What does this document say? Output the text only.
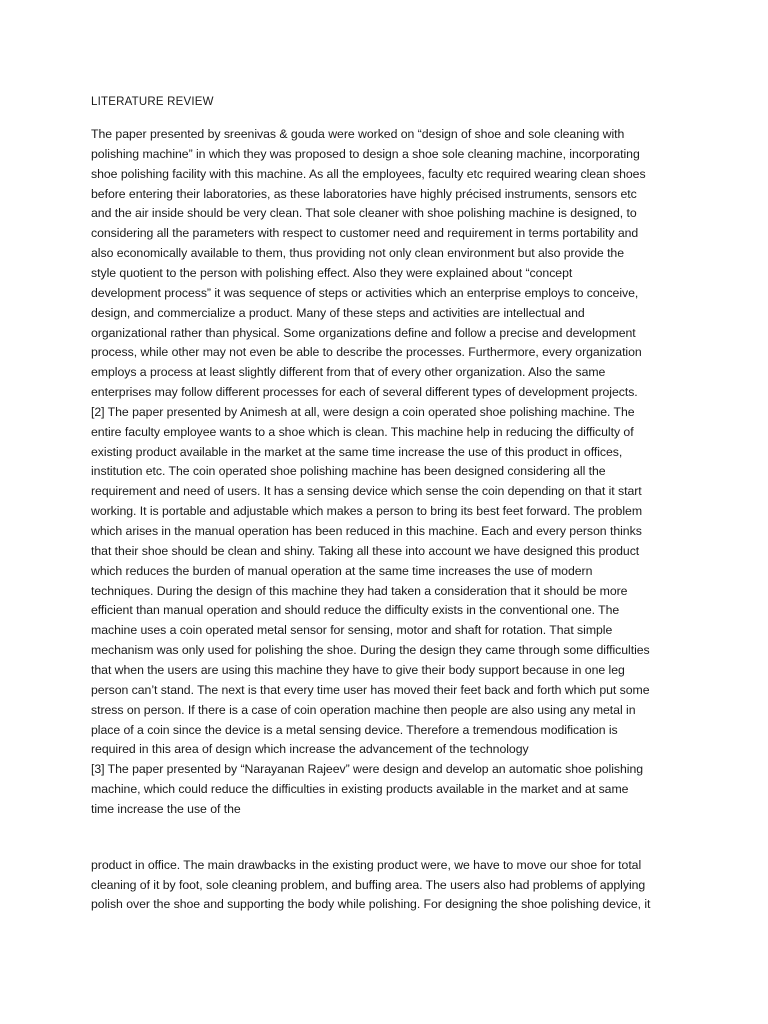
LITERATURE REVIEW
The paper presented by sreenivas & gouda were worked on “design of shoe and sole cleaning with
polishing machine” in which they was proposed to design a shoe sole cleaning machine, incorporating
shoe polishing facility with this machine. As all the employees, faculty etc required wearing clean shoes
before entering their laboratories, as these laboratories have highly précised instruments, sensors etc
and the air inside should be very clean. That sole cleaner with shoe polishing machine is designed, to
considering all the parameters with respect to customer need and requirement in terms portability and
also economically available to them, thus providing not only clean environment but also provide the
style quotient to the person with polishing effect. Also they were explained about “concept
development process” it was sequence of steps or activities which an enterprise employs to conceive,
design, and commercialize a product. Many of these steps and activities are intellectual and
organizational rather than physical. Some organizations define and follow a precise and development
process, while other may not even be able to describe the processes. Furthermore, every organization
employs a process at least slightly different from that of every other organization. Also the same
enterprises may follow different processes for each of several different types of development projects.
[2] The paper presented by Animesh at all, were design a coin operated shoe polishing machine. The
entire faculty employee wants to a shoe which is clean. This machine help in reducing the difficulty of
existing product available in the market at the same time increase the use of this product in offices,
institution etc. The coin operated shoe polishing machine has been designed considering all the
requirement and need of users. It has a sensing device which sense the coin depending on that it start
working. It is portable and adjustable which makes a person to bring its best feet forward. The problem
which arises in the manual operation has been reduced in this machine. Each and every person thinks
that their shoe should be clean and shiny. Taking all these into account we have designed this product
which reduces the burden of manual operation at the same time increases the use of modern
techniques. During the design of this machine they had taken a consideration that it should be more
efficient than manual operation and should reduce the difficulty exists in the conventional one. The
machine uses a coin operated metal sensor for sensing, motor and shaft for rotation. That simple
mechanism was only used for polishing the shoe. During the design they came through some difficulties
that when the users are using this machine they have to give their body support because in one leg
person can’t stand. The next is that every time user has moved their feet back and forth which put some
stress on person. If there is a case of coin operation machine then people are also using any metal in
place of a coin since the device is a metal sensing device. Therefore a tremendous modification is
required in this area of design which increase the advancement of the technology
[3] The paper presented by “Narayanan Rajeev” were design and develop an automatic shoe polishing
machine, which could reduce the difficulties in existing products available in the market and at same
time increase the use of the
product in office. The main drawbacks in the existing product were, we have to move our shoe for total
cleaning of it by foot, sole cleaning problem, and buffing area. The users also had problems of applying
polish over the shoe and supporting the body while polishing. For designing the shoe polishing device, it
